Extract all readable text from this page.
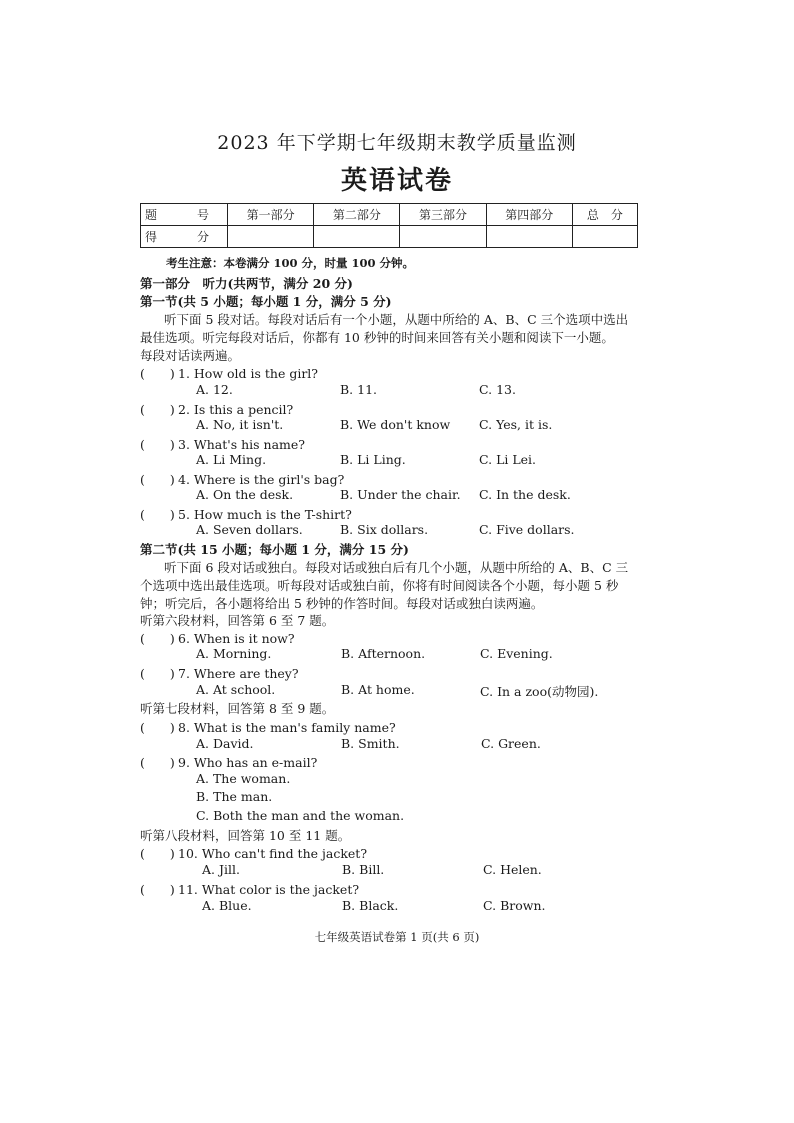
2023 年下学期七年级期末教学质量监测
英语试卷
题　号	第一部分	第二部分	第三部分	第四部分	总　分
得　分					
考生注意：本卷满分 100 分，时量 100 分钟。
第一部分　听力(共两节，满分 20 分)
第一节(共 5 小题；每小题 1 分，满分 5 分)
听下面 5 段对话。每段对话后有一个小题，从题中所给的 A、B、C 三个选项中选出
最佳选项。听完每段对话后，你都有 10 秒钟的时间来回答有关小题和阅读下一小题。
每段对话读两遍。
(　　) 1. How old is the girl?
A. 12.	B. 11.	C. 13.
(　　) 2. Is this a pencil?
A. No, it isn't.	B. We don't know C. Yes, it is.
(　　) 3. What's his name?
A. Li Ming.	B. Li Ling.	C. Li Lei.
(　　) 4. Where is the girl's bag?
A. On the desk.	B. Under the chair. C. In the desk.
(　　) 5. How much is the T-shirt?
A. Seven dollars.	B. Six dollars.	C. Five dollars.
第二节(共 15 小题；每小题 1 分，满分 15 分)
听下面 6 段对话或独白。每段对话或独白后有几个小题，从题中所给的 A、B、C 三
个选项中选出最佳选项。听每段对话或独白前，你将有时间阅读各个小题，每小题 5 秒
钟；听完后，各小题将给出 5 秒钟的作答时间。每段对话或独白读两遍。
听第六段材料，回答第 6 至 7 题。
(　　) 6. When is it now?
A. Morning.	B. Afternoon.	C. Evening.
(　　) 7. Where are they?
A. At school.	B. At home.	C. In a zoo(动物园).
听第七段材料，回答第 8 至 9 题。
(　　) 8. What is the man's family name?
A. David.	B. Smith.	C. Green.
(　　) 9. Who has an e-mail?
A. The woman.
B. The man.
C. Both the man and the woman.
听第八段材料，回答第 10 至 11 题。
(　　) 10. Who can't find the jacket?
A. Jill.	B. Bill.	C. Helen.
(　　) 11. What color is the jacket?
A. Blue.	B. Black.	C. Brown.
七年级英语试卷第 1 页(共 6 页)
